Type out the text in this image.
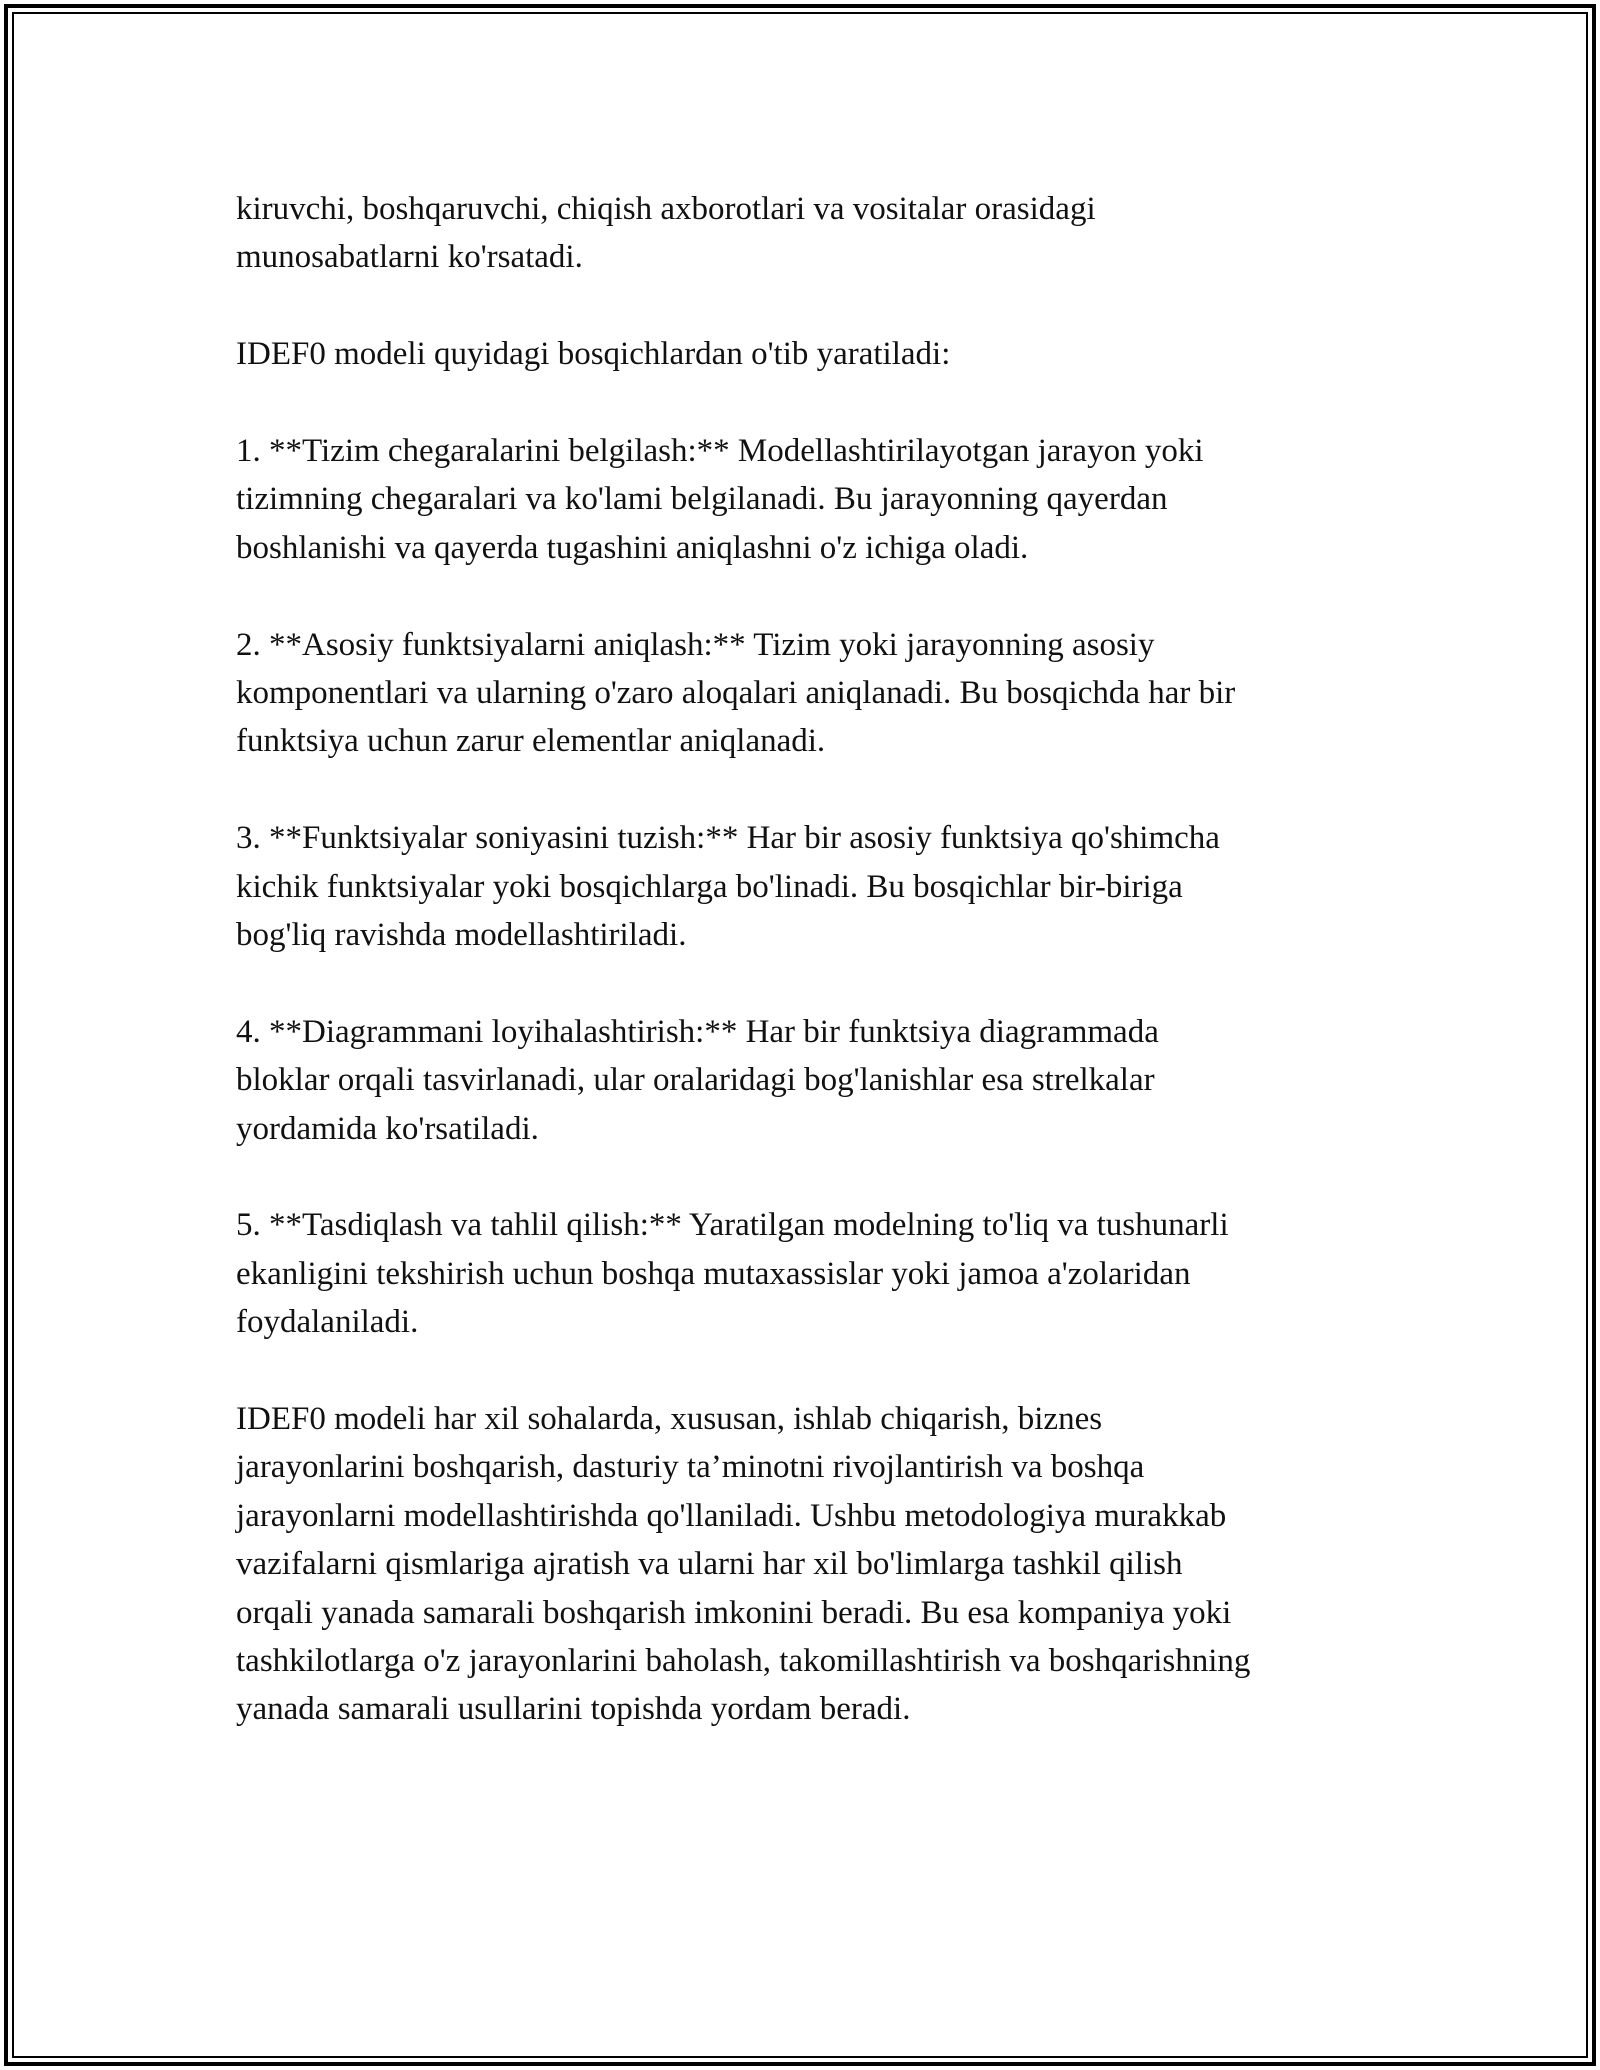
kiruvchi, boshqaruvchi, chiqish axborotlari va vositalar orasidagi
munosabatlarni ko'rsatadi.

IDEF0 modeli quyidagi bosqichlardan o'tib yaratiladi:

1. **Tizim chegaralarini belgilash:** Modellashtirilayotgan jarayon yoki
tizimning chegaralari va ko'lami belgilanadi. Bu jarayonning qayerdan
boshlanishi va qayerda tugashini aniqlashni o'z ichiga oladi.

2. **Asosiy funktsiyalarni aniqlash:** Tizim yoki jarayonning asosiy
komponentlari va ularning o'zaro aloqalari aniqlanadi. Bu bosqichda har bir
funktsiya uchun zarur elementlar aniqlanadi.

3. **Funktsiyalar soniyasini tuzish:** Har bir asosiy funktsiya qo'shimcha
kichik funktsiyalar yoki bosqichlarga bo'linadi. Bu bosqichlar bir-biriga
bog'liq ravishda modellashtiriladi.

4. **Diagrammani loyihalashtirish:** Har bir funktsiya diagrammada
bloklar orqali tasvirlanadi, ular oralaridagi bog'lanishlar esa strelkalar
yordamida ko'rsatiladi.

5. **Tasdiqlash va tahlil qilish:** Yaratilgan modelning to'liq va tushunarli
ekanligini tekshirish uchun boshqa mutaxassislar yoki jamoa a'zolaridan
foydalaniladi.

IDEF0 modeli har xil sohalarda, xususan, ishlab chiqarish, biznes
jarayonlarini boshqarish, dasturiy ta’minotni rivojlantirish va boshqa
jarayonlarni modellashtirishda qo'llaniladi. Ushbu metodologiya murakkab
vazifalarni qismlariga ajratish va ularni har xil bo'limlarga tashkil qilish
orqali yanada samarali boshqarish imkonini beradi. Bu esa kompaniya yoki
tashkilotlarga o'z jarayonlarini baholash, takomillashtirish va boshqarishning
yanada samarali usullarini topishda yordam beradi.
